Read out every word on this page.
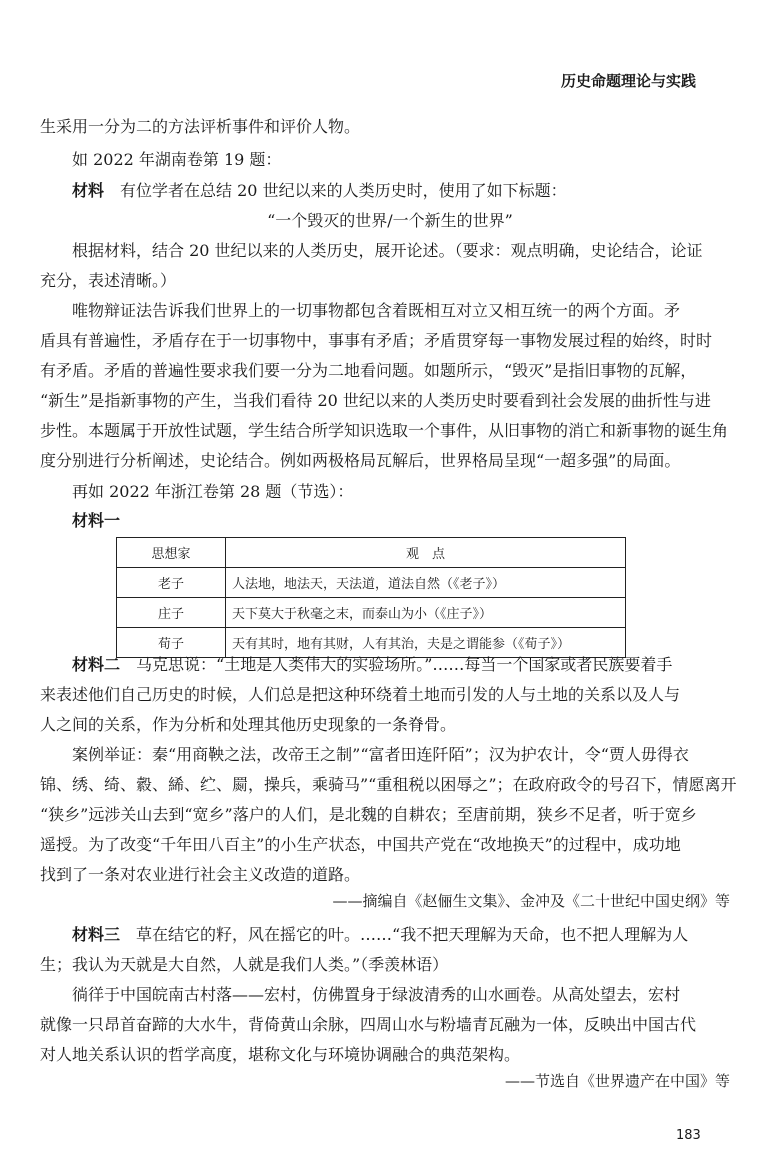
历史命题理论与实践
生采用一分为二的方法评析事件和评价人物。
如 2022 年湖南卷第 19 题：
材料　 有位学者在总结 20 世纪以来的人类历史时，使用了如下标题：
“一个毁灭的世界/一个新生的世界”
根据材料，结合 20 世纪以来的人类历史，展开论述。（要求：观点明确，史论结合，论证
充分，表述清晰。）
唯物辩证法告诉我们世界上的一切事物都包含着既相互对立又相互统一的两个方面。矛
盾具有普遍性，矛盾存在于一切事物中，事事有矛盾；矛盾贯穿每一事物发展过程的始终，时时
有矛盾。矛盾的普遍性要求我们要一分为二地看问题。如题所示，“毁灭”是指旧事物的瓦解，
“新生”是指新事物的产生，当我们看待 20 世纪以来的人类历史时要看到社会发展的曲折性与进
步性。本题属于开放性试题，学生结合所学知识选取一个事件，从旧事物的消亡和新事物的诞生角
度分别进行分析阐述，史论结合。例如两极格局瓦解后，世界格局呈现“一超多强”的局面。
再如 2022 年浙江卷第 28 题（节选）：
材料一
思想家	观　点
老子	人法地，地法天，天法道，道法自然（《老子》）
庄子	天下莫大于秋毫之末，而泰山为小（《庄子》）
荀子	天有其时，地有其财，人有其治，夫是之谓能参（《荀子》）
材料二　 马克思说：“土地是人类伟大的实验场所。”……每当一个国家或者民族要着手
来表述他们自己历史的时候，人们总是把这种环绕着土地而引发的人与土地的关系以及人与
人之间的关系，作为分析和处理其他历史现象的一条脊骨。
案例举证：秦“用商鞅之法，改帝王之制”“富者田连阡陌”；汉为护农计，令“贾人毋得衣
锦、绣、绮、縠、絺、纻、罽，操兵，乘骑马”“重租税以困辱之”；在政府政令的号召下，情愿离开
“狭乡”远涉关山去到“宽乡”落户的人们，是北魏的自耕农；至唐前期，狭乡不足者，听于宽乡
遥授。为了改变“千年田八百主”的小生产状态，中国共产党在“改地换天”的过程中，成功地
找到了一条对农业进行社会主义改造的道路。
——摘编自《赵俪生文集》、金冲及《二十世纪中国史纲》等
材料三　 草在结它的籽，风在摇它的叶。……“我不把天理解为天命，也不把人理解为人
生；我认为天就是大自然，人就是我们人类。”（季羡林语）
徜徉于中国皖南古村落——宏村，仿佛置身于绿波清秀的山水画卷。从高处望去，宏村
就像一只昂首奋蹄的大水牛，背倚黄山余脉，四周山水与粉墙青瓦融为一体，反映出中国古代
对人地关系认识的哲学高度，堪称文化与环境协调融合的典范架构。
——节选自《世界遗产在中国》等
183
